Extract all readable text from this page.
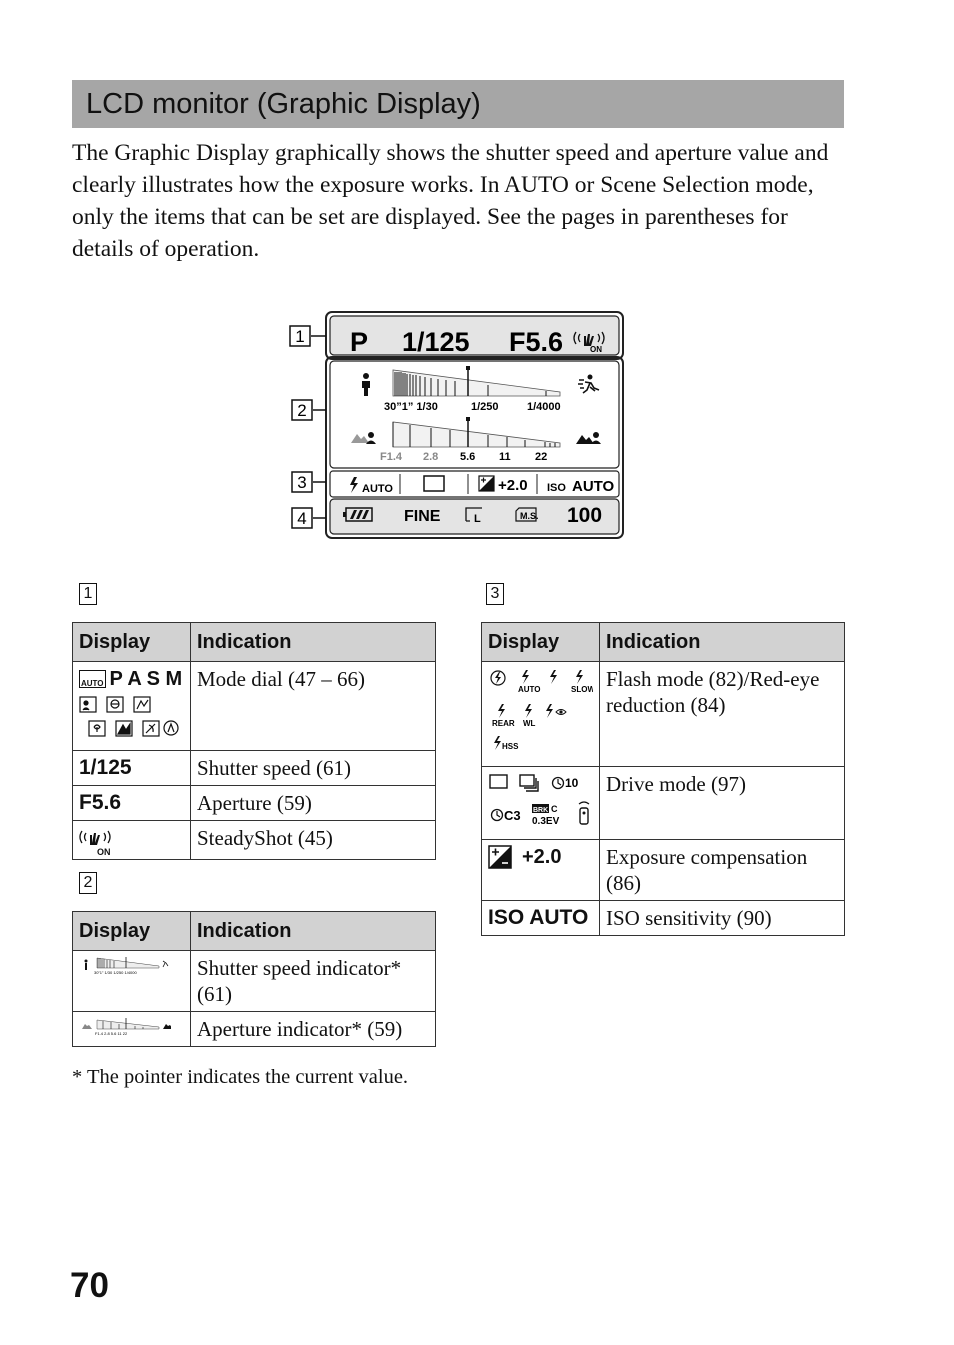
LCD monitor (Graphic Display)
The Graphic Display graphically shows the shutter speed and aperture value and clearly illustrates how the exposure works. In AUTO or Scene Selection mode, only the items that can be set are displayed. See the pages in parentheses for details of operation.
1
2
3
4
P 1/125 F5.6	ON
30”1” 1/30	1/250	1/4000
F1.4 2.8 5.6 11 22
AUTO	+2.0 ISO AUTO
FINE	L	M.S. 100
1
Display	Indication

AUTO P A S M	Mode dial (47 – 66)
1/125	Shutter speed (61)
F5.6	Aperture (59)

ON	SteadyShot (45)
2
Display	Indication

30”1” 1/30 1/250 1/4000	Shutter speed indicator* (61)

F1.4 2.8 5.6 11 22	Aperture indicator* (59)
* The pointer indicates the current value.
3
Display	Indication

AUTO SLOW
REAR WL
HSS	Flash mode (82)/Red-eye reduction (84)

10
C3 BRK C
0.3EV	Drive mode (97)

+2.0	Exposure compensation (86)
ISO AUTO	ISO sensitivity (90)
70
